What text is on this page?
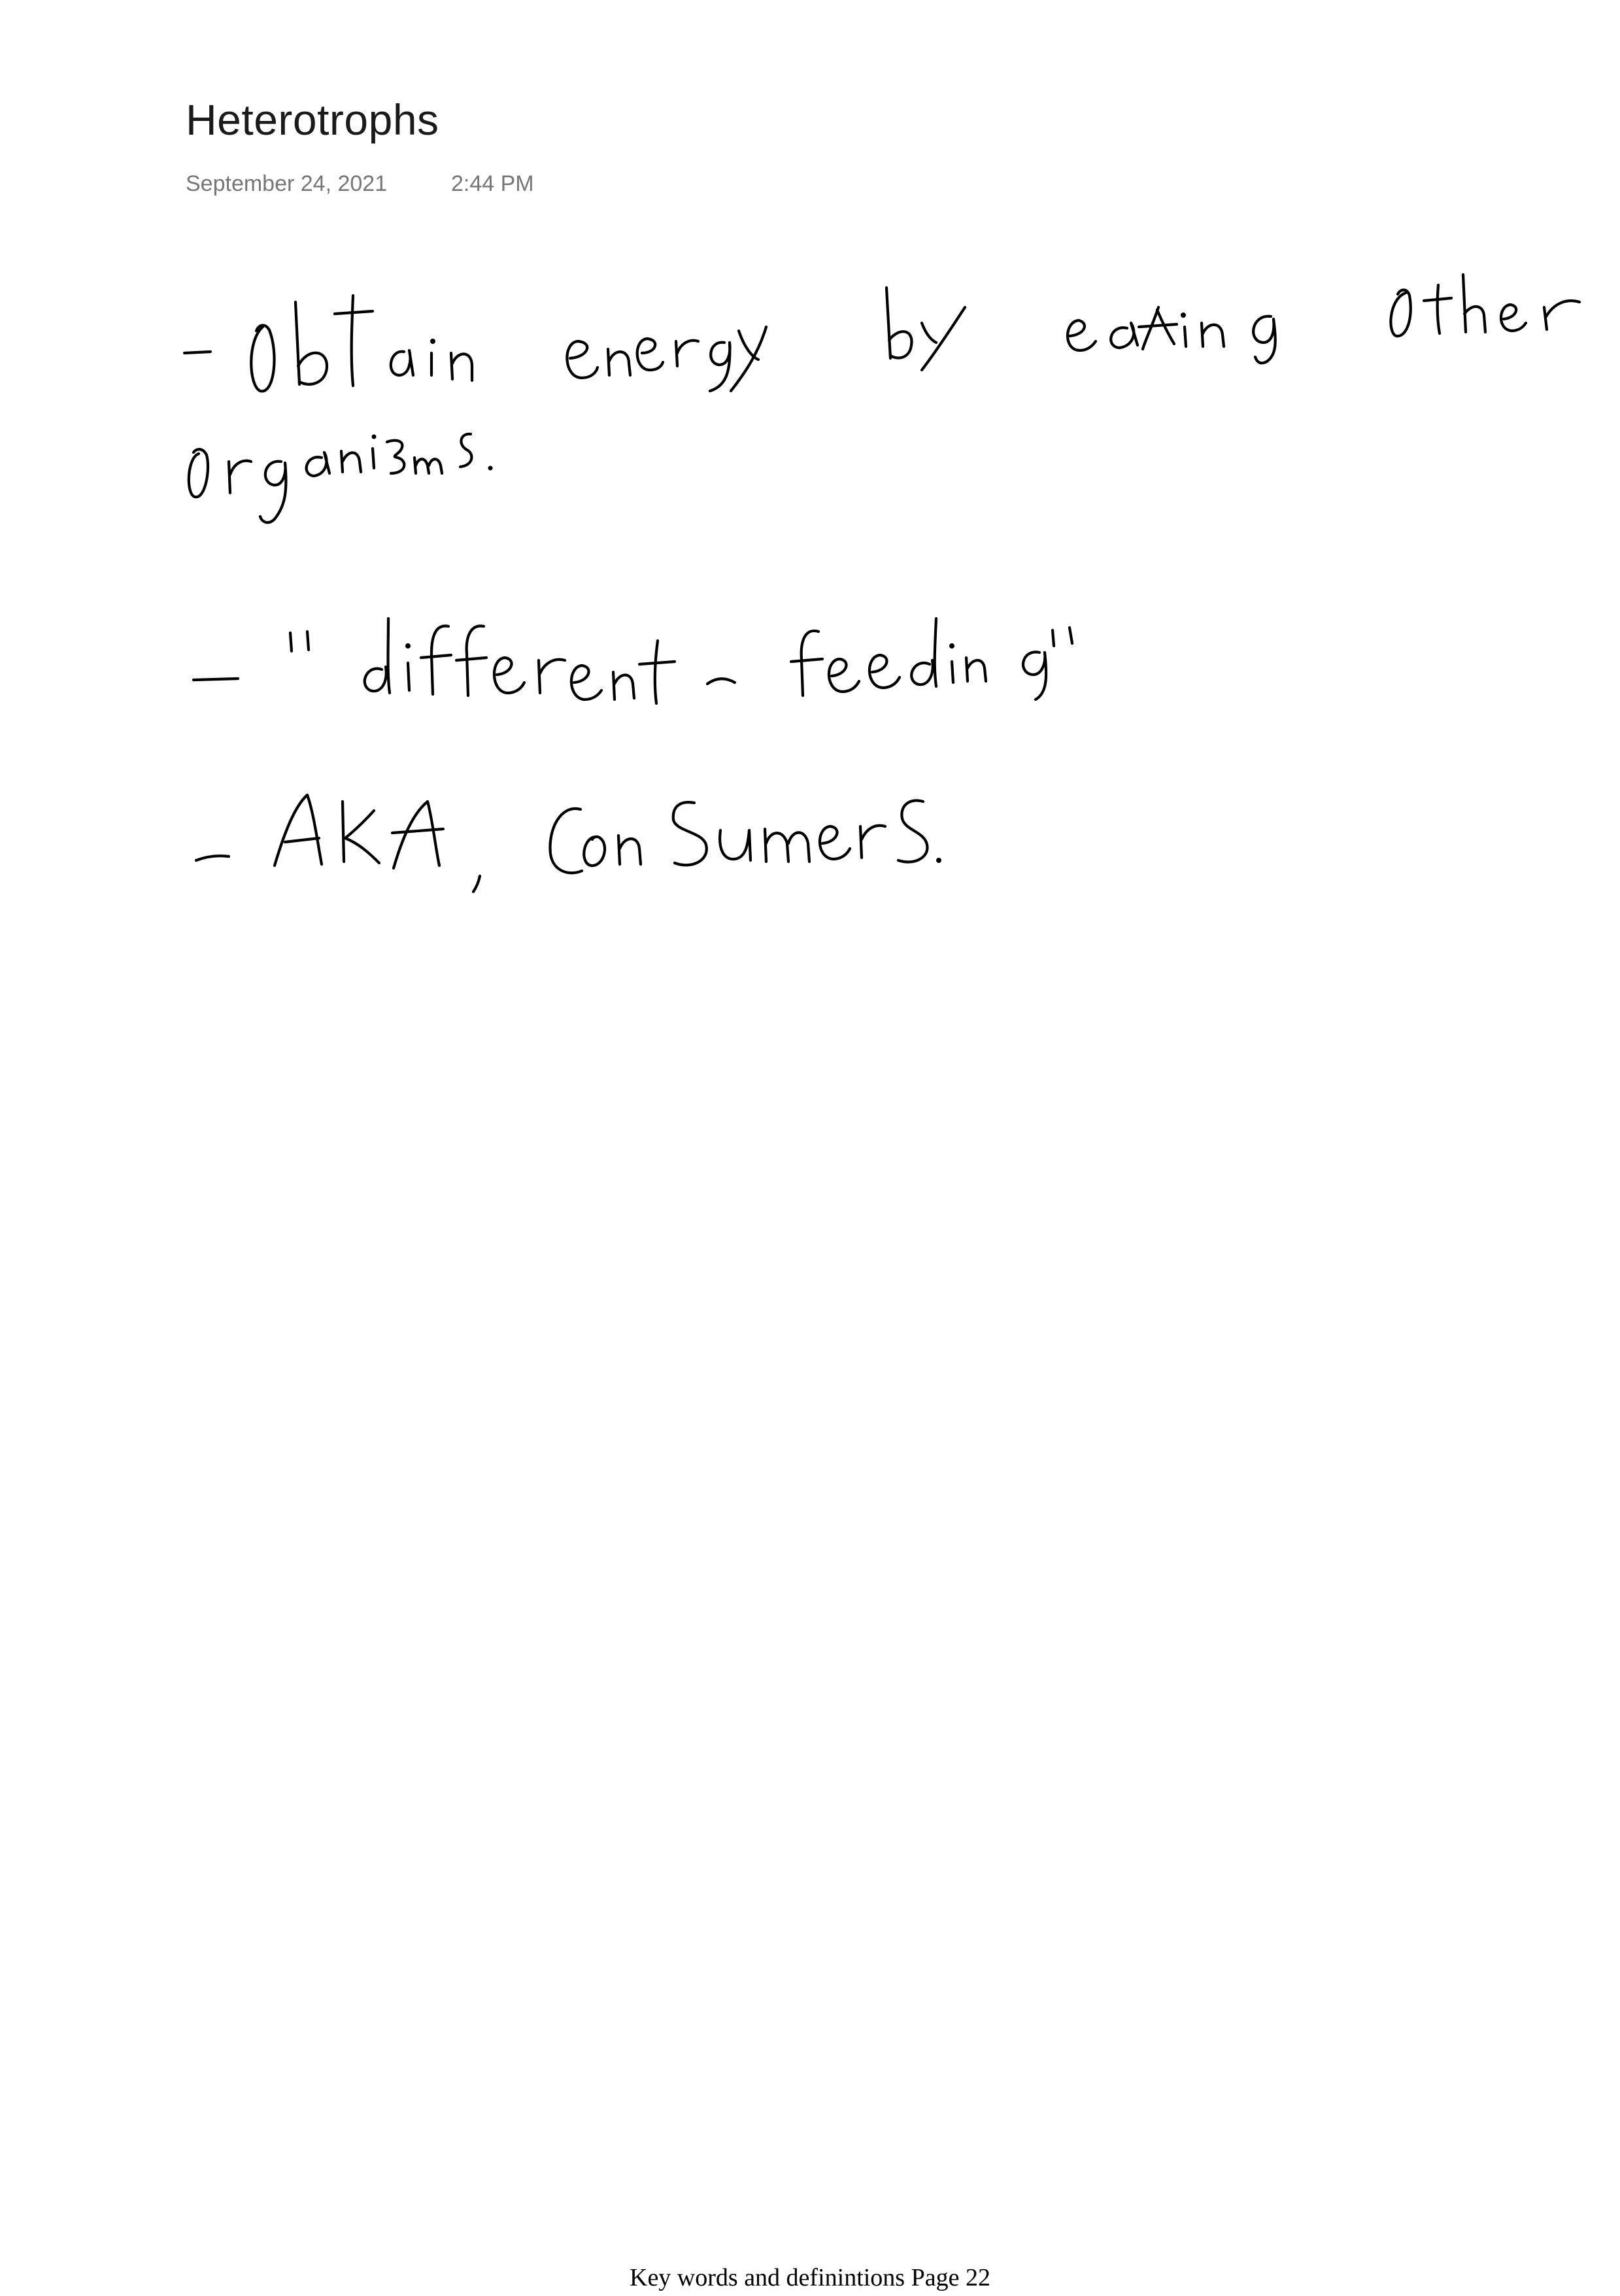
Heterotrophs
September 24, 2021	2:44 PM
Key words and definintions Page 22
